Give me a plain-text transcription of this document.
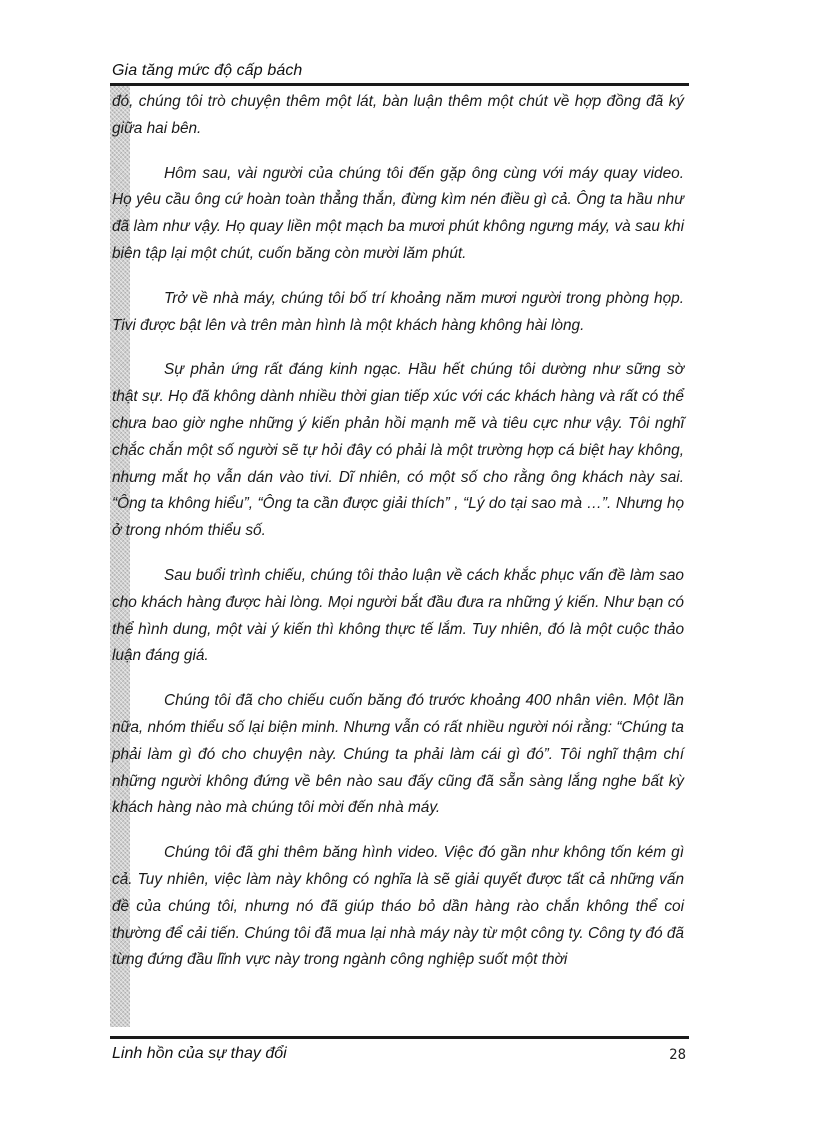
Gia tăng mức độ cấp bách

đó, chúng tôi trò chuyện thêm một lát, bàn luận thêm một chút về hợp đồng đã ký giữa hai bên.

Hôm sau, vài người của chúng tôi đến gặp ông cùng với máy quay video. Họ yêu cầu ông cứ hoàn toàn thẳng thắn, đừng kìm nén điều gì cả. Ông ta hầu như đã làm như vậy. Họ quay liền một mạch ba mươi phút không ngưng máy, và sau khi biên tập lại một chút, cuốn băng còn mười lăm phút.

Trở về nhà máy, chúng tôi bố trí khoảng năm mươi người trong phòng họp. Tivi được bật lên và trên màn hình là một khách hàng không hài lòng.

Sự phản ứng rất đáng kinh ngạc. Hầu hết chúng tôi dường như sững sờ thật sự. Họ đã không dành nhiều thời gian tiếp xúc với các khách hàng và rất có thể chưa bao giờ nghe những ý kiến phản hồi mạnh mẽ và tiêu cực như vậy. Tôi nghĩ chắc chắn một số người sẽ tự hỏi đây có phải là một trường hợp cá biệt hay không, nhưng mắt họ vẫn dán vào tivi. Dĩ nhiên, có một số cho rằng ông khách này sai. “Ông ta không hiểu”, “Ông ta cần được giải thích” , “Lý do tại sao mà …”. Nhưng họ ở trong nhóm thiểu số.

Sau buổi trình chiếu, chúng tôi thảo luận về cách khắc phục vấn đề làm sao cho khách hàng được hài lòng. Mọi người bắt đầu đưa ra những ý kiến. Như bạn có thể hình dung, một vài ý kiến thì không thực tế lắm. Tuy nhiên, đó là một cuộc thảo luận đáng giá.

Chúng tôi đã cho chiếu cuốn băng đó trước khoảng 400 nhân viên. Một lần nữa, nhóm thiểu số lại biện minh. Nhưng vẫn có rất nhiều người nói rằng: “Chúng ta phải làm gì đó cho chuyện này. Chúng ta phải làm cái gì đó”. Tôi nghĩ thậm chí những người không đứng về bên nào sau đấy cũng đã sẵn sàng lắng nghe bất kỳ khách hàng nào mà chúng tôi mời đến nhà máy.

Chúng tôi đã ghi thêm băng hình video. Việc đó gần như không tốn kém gì cả. Tuy nhiên, việc làm này không có nghĩa là sẽ giải quyết được tất cả những vấn đề của chúng tôi, nhưng nó đã giúp tháo bỏ dần hàng rào chắn không thể coi thường để cải tiến. Chúng tôi đã mua lại nhà máy này từ một công ty. Công ty đó đã từng đứng đầu lĩnh vực này trong ngành công nghiệp suốt một thời

Linh hồn của sự thay đổi	28
